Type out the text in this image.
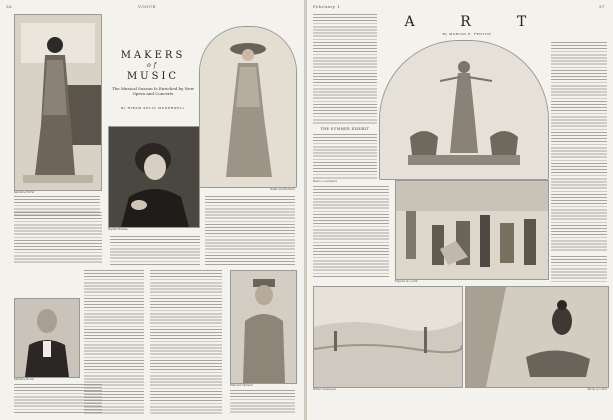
36	VOGUE
Madame Farrar
MAKERS
of
MUSIC
The Musical Season Is Enriched by New Opera and Concerts
By HIRAM KELLY MODERWELL
Nellie and Barbara
Sophie Braslau
Madame Borck
Edmond Clement
February 1	37
THE SUMMER EXHIBIT
A	R	T
By MARION E. FENTON
Diana, a sculpture
Figures in a park
Winter landscape	Study of a bird
